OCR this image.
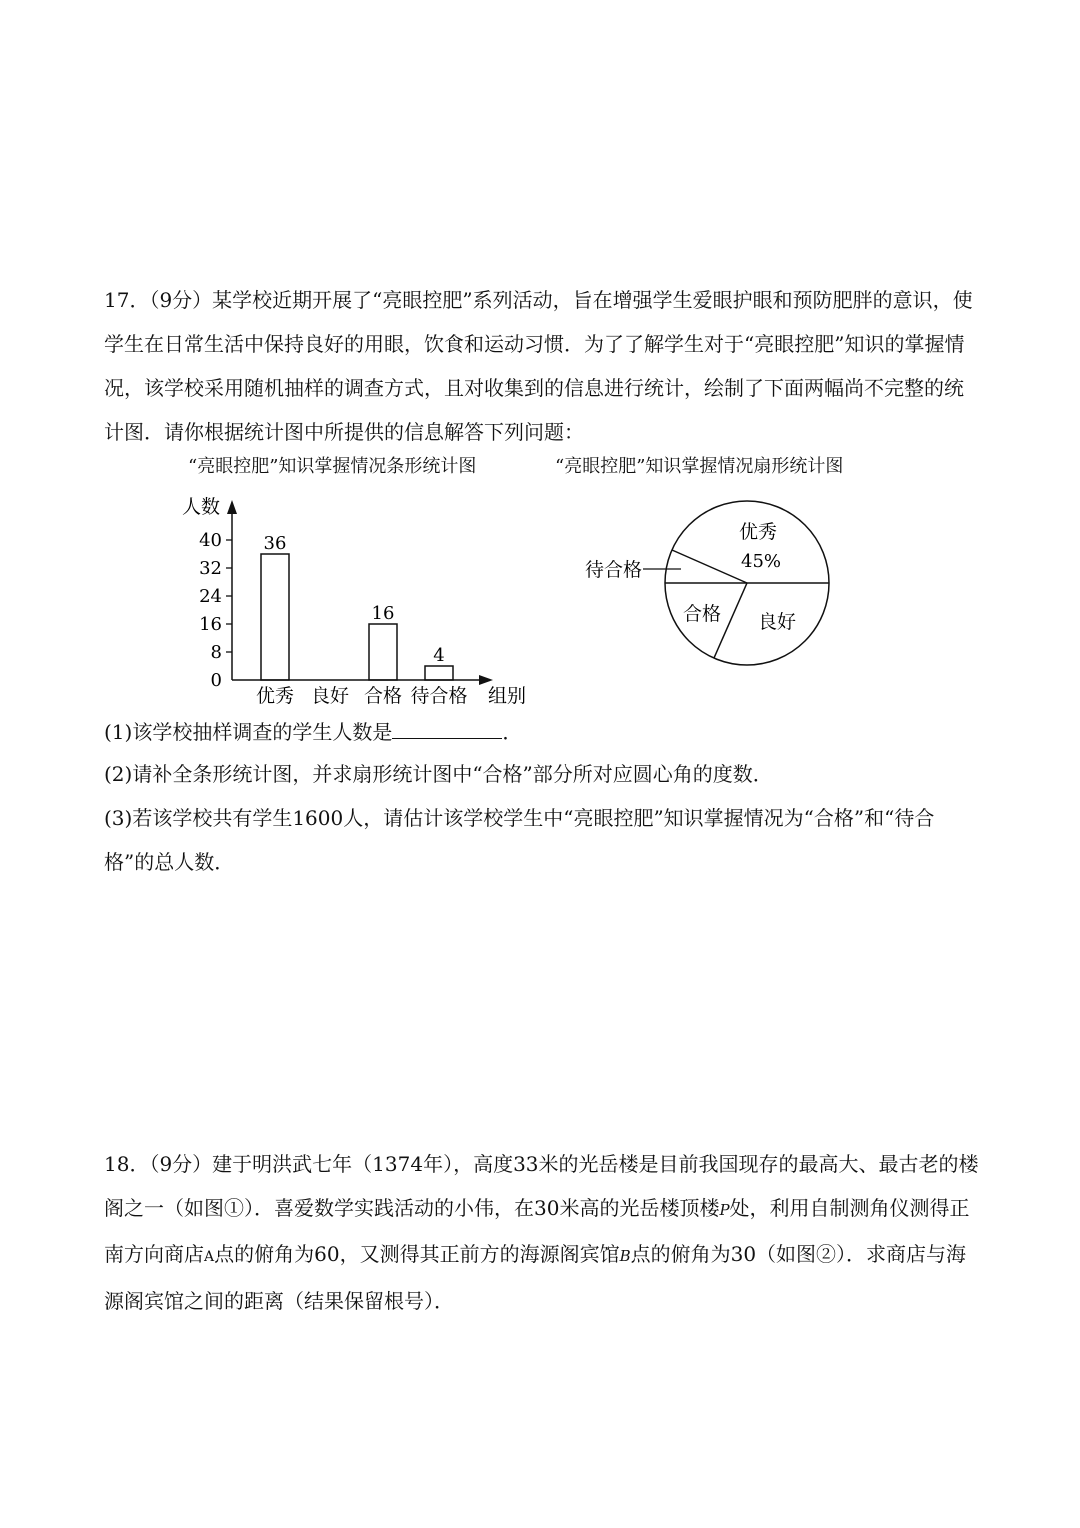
17．（9分）某学校近期开展了“亮眼控肥”系列活动，旨在增强学生爱眼护眼和预防肥胖的意识，使学生在日常生活中保持良好的用眼，饮食和运动习惯．为了了解学生对于“亮眼控肥”知识的掌握情况，该学校采用随机抽样的调查方式，且对收集到的信息进行统计，绘制了下面两幅尚不完整的统计图．请你根据统计图中所提供的信息解答下列问题：

“亮眼控肥”知识掌握情况条形统计图	“亮眼控肥”知识掌握情况扇形统计图
人数
组别
0
8
16
24
32
40 36
16
4
优秀 良好 合格 待合格
优秀
45%
待合格
合格 良好

(1)该学校抽样调查的学生人数是	．

(2)请补全条形统计图，并求扇形统计图中“合格”部分所对应圆心角的度数．

(3)若该学校共有学生1600人，请估计该学校学生中“亮眼控肥”知识掌握情况为“合格”和“待合格”的总人数．

18．（9分）建于明洪武七年（1374年），高度33米的光岳楼是目前我国现存的最高大、最古老的楼阁之一（如图①）．喜爱数学实践活动的小伟，在30米高的光岳楼顶楼P处，利用自制测角仪测得正南方向商店A点的俯角为60，又测得其正前方的海源阁宾馆B点的俯角为30（如图②）．求商店与海源阁宾馆之间的距离（结果保留根号）．
